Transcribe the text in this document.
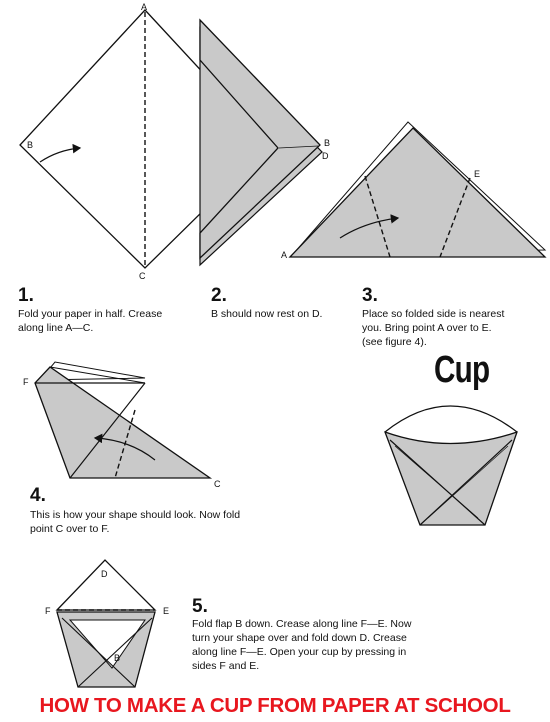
A
B
C
B
D
A
E
F
C
D
F	E
B
1.
Fold your paper in half. Crease
along line A—C.
2.
B should now rest on D.
3.
Place so folded side is nearest
you. Bring point A over to E.
(see figure 4).
Cup
4.
This is how your shape should look. Now fold
point C over to F.
5.
Fold flap B down. Crease along line F—E. Now
turn your shape over and fold down D. Crease
along line F—E. Open your cup by pressing in
sides F and E.
HOW TO MAKE A CUP FROM PAPER AT SCHOOL
